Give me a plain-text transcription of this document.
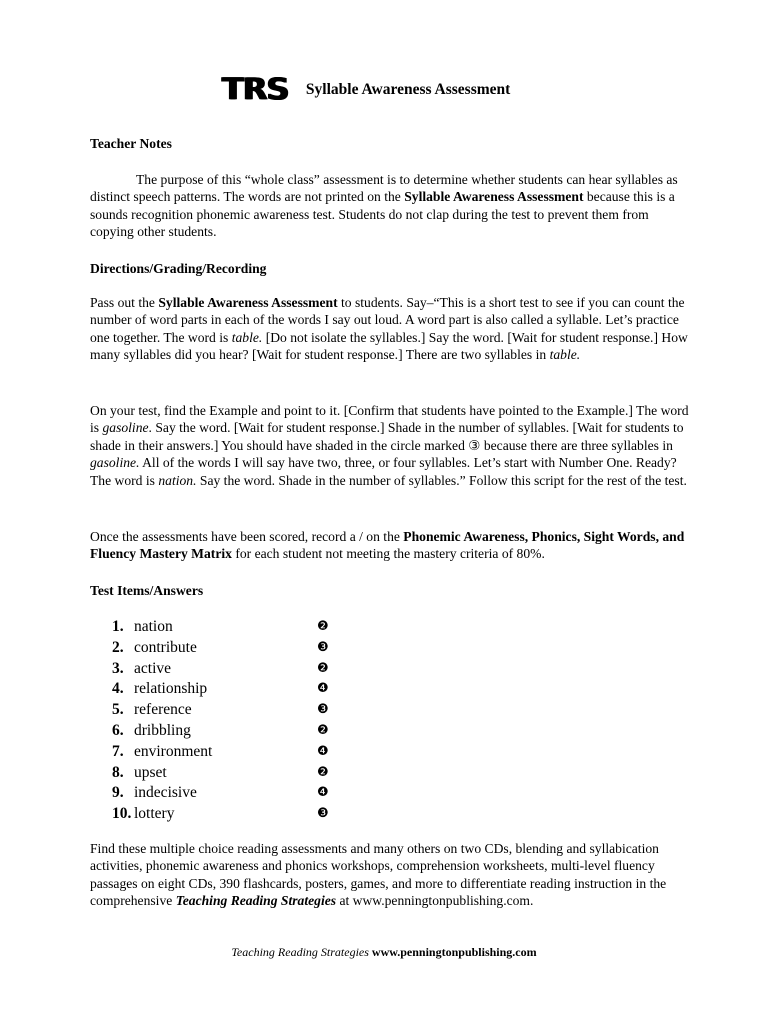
TRS Syllable Awareness Assessment
Teacher Notes

The purpose of this “whole class” assessment is to determine whether students can hear syllables as distinct speech patterns. The words are not printed on the Syllable Awareness Assessment because this is a sounds recognition phonemic awareness test. Students do not clap during the test to prevent them from copying other students.

Directions/Grading/Recording

Pass out the Syllable Awareness Assessment to students. Say–“This is a short test to see if you can count the number of word parts in each of the words I say out loud. A word part is also called a syllable. Let’s practice one together. The word is table. [Do not isolate the syllables.] Say the word. [Wait for student response.] How many syllables did you hear? [Wait for student response.] There are two syllables in table.

On your test, find the Example and point to it. [Confirm that students have pointed to the Example.] The word is gasoline. Say the word. [Wait for student response.] Shade in the number of syllables. [Wait for students to shade in their answers.] You should have shaded in the circle marked ③ because there are three syllables in gasoline. All of the words I will say have two, three, or four syllables. Let’s start with Number One. Ready? The word is nation. Say the word. Shade in the number of syllables.” Follow this script for the rest of the test.

Once the assessments have been scored, record a / on the Phonemic Awareness, Phonics, Sight Words, and Fluency Mastery Matrix for each student not meeting the mastery criteria of 80%.

Test Items/Answers

Find these multiple choice reading assessments and many others on two CDs, blending and syllabication activities, phonemic awareness and phonics workshops, comprehension worksheets, multi-level fluency passages on eight CDs, 390 flashcards, posters, games, and more to differentiate reading instruction in the comprehensive Teaching Reading Strategies at www.penningtonpublishing.com.

1. nation	❷
2. contribute	❸
3. active	❷
4. relationship	❹
5. reference	❸
6. dribbling	❷
7. environment	❹
8. upset	❷
9. indecisive	❹
10. lottery	❸
Teaching Reading Strategies www.penningtonpublishing.com
